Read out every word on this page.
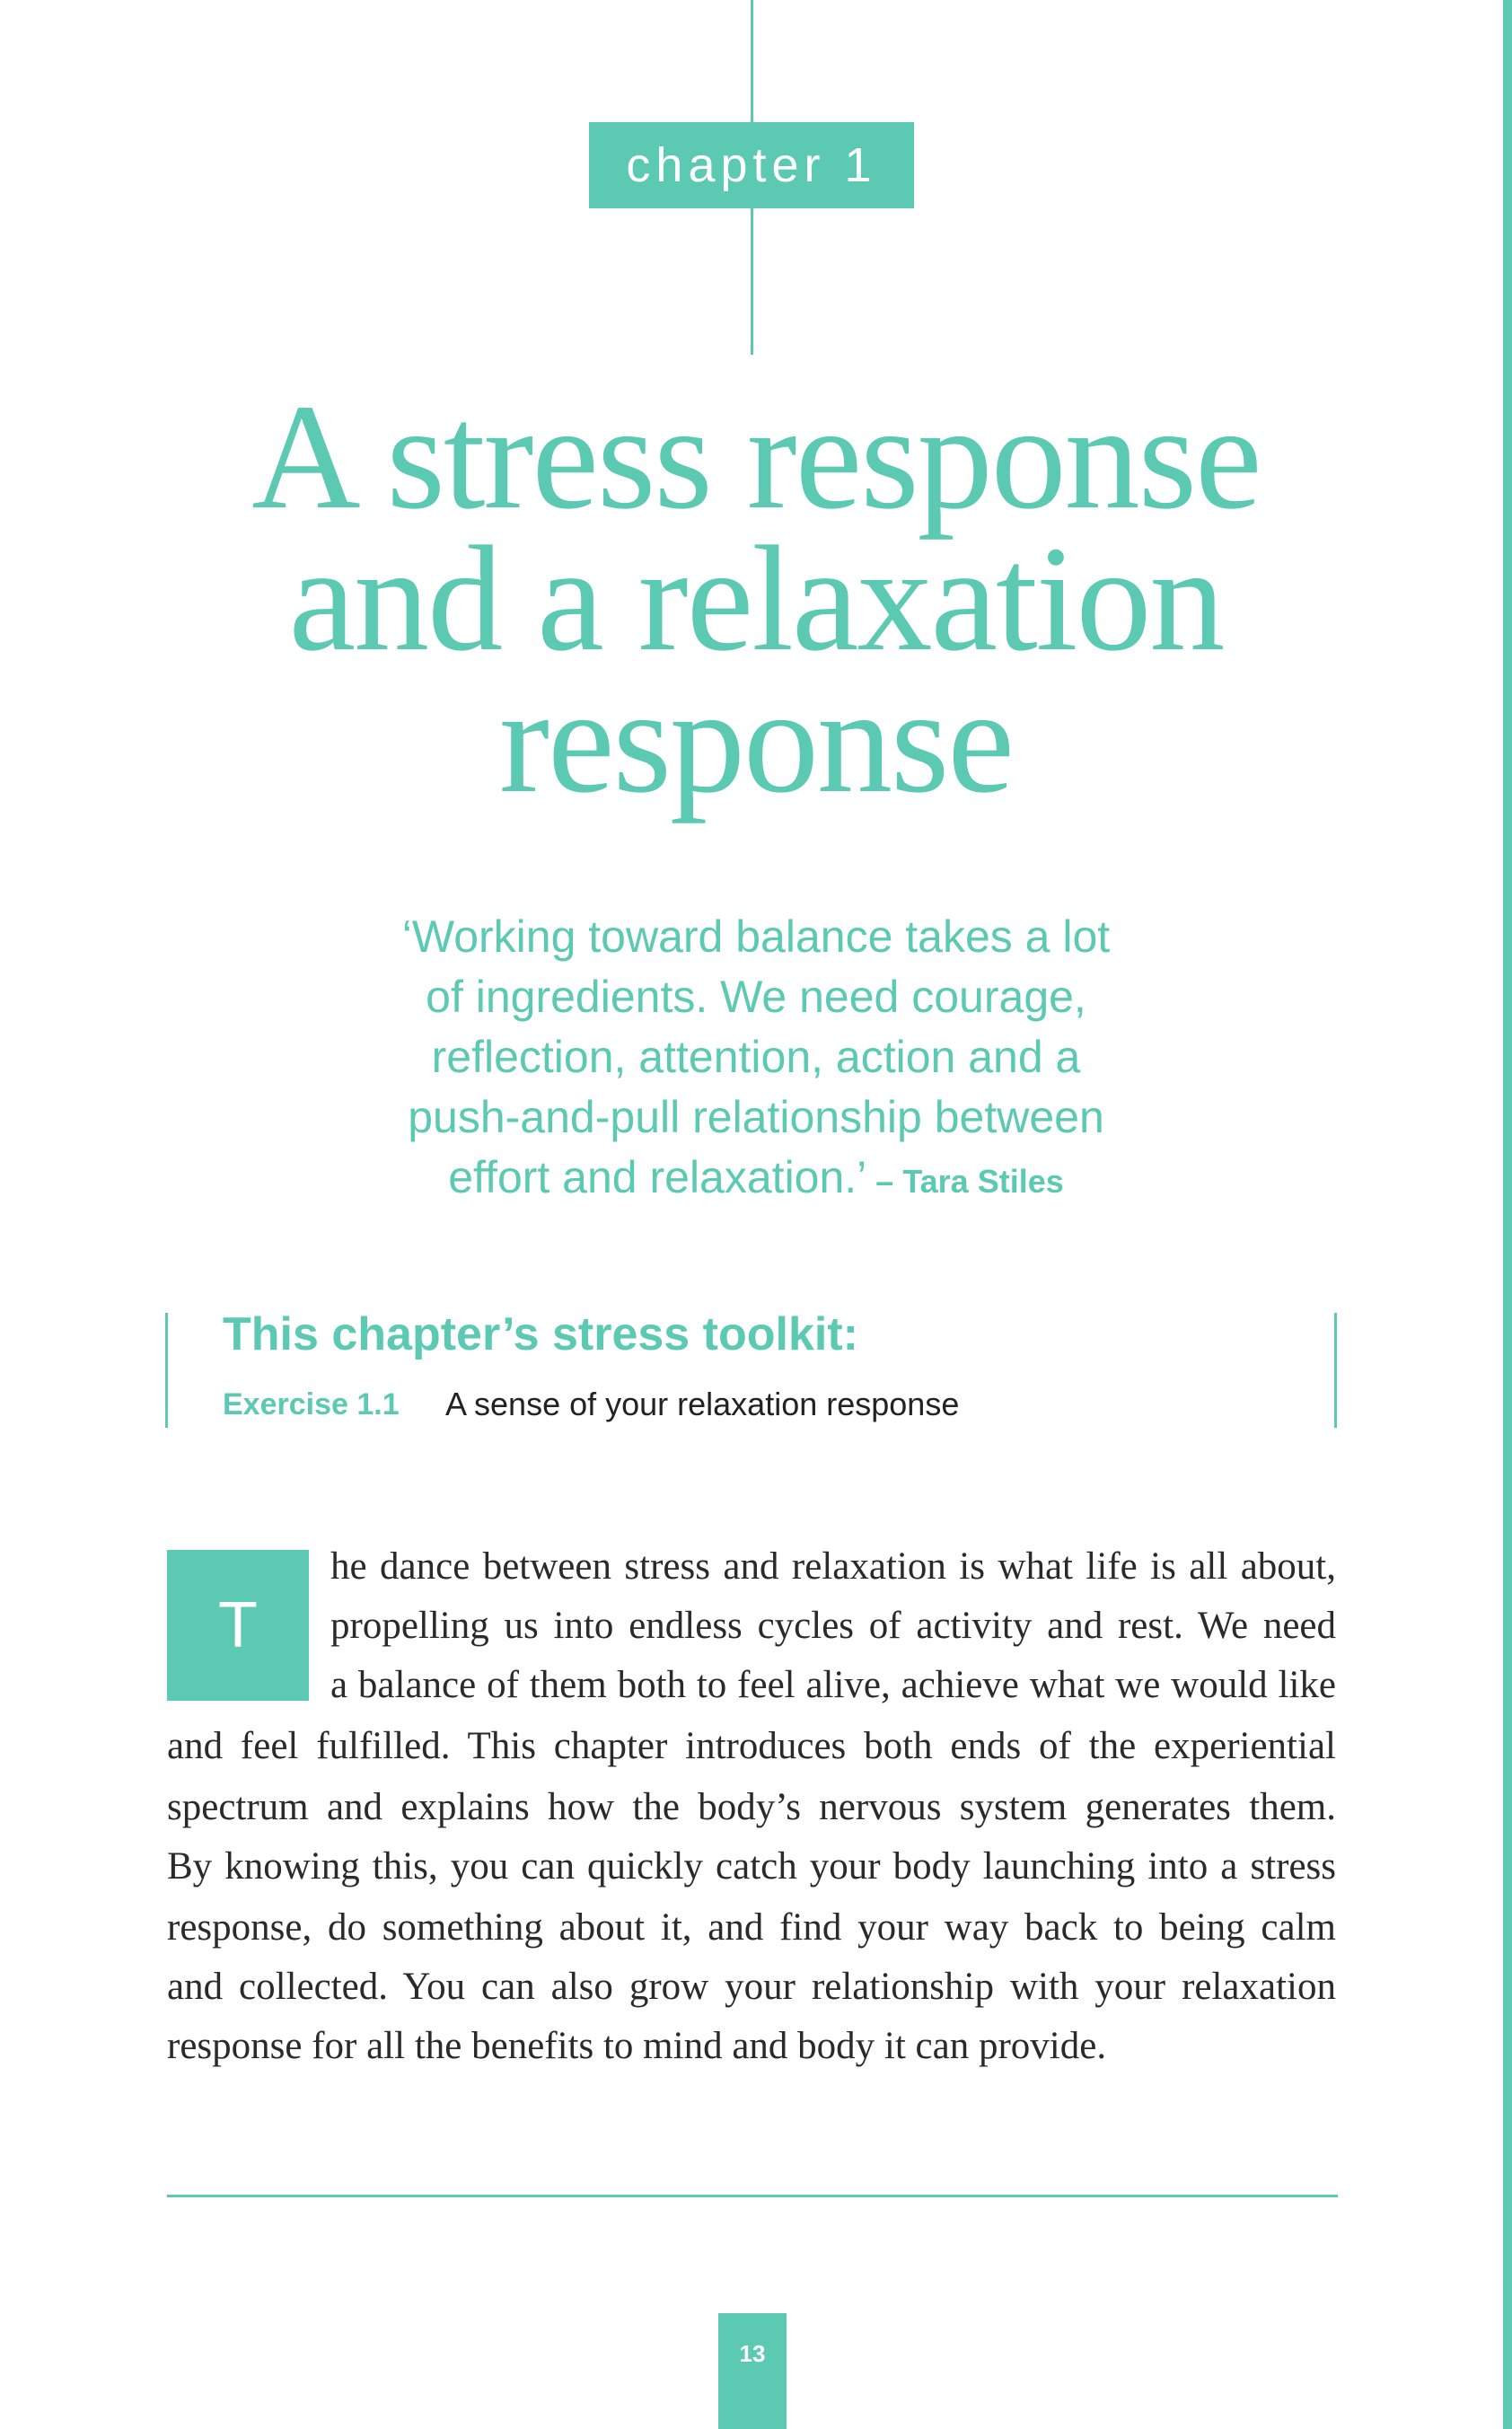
chapter 1
A stress response
and a relaxation
response
‘Working toward balance takes a lot
of ingredients. We need courage,
reflection, attention, action and a
push-and-pull relationship between
effort and relaxation.’ – Tara Stiles
This chapter’s stress toolkit:
Exercise 1.1 A sense of your relaxation response
T
he dance between stress and relaxation is what life is all about,
propelling us into endless cycles of activity and rest. We need
a balance of them both to feel alive, achieve what we would like
and feel fulfilled. This chapter introduces both ends of the experiential
spectrum and explains how the body’s nervous system generates them.
By knowing this, you can quickly catch your body launching into a stress
response, do something about it, and find your way back to being calm
and collected. You can also grow your relationship with your relaxation
response for all the benefits to mind and body it can provide.
13
